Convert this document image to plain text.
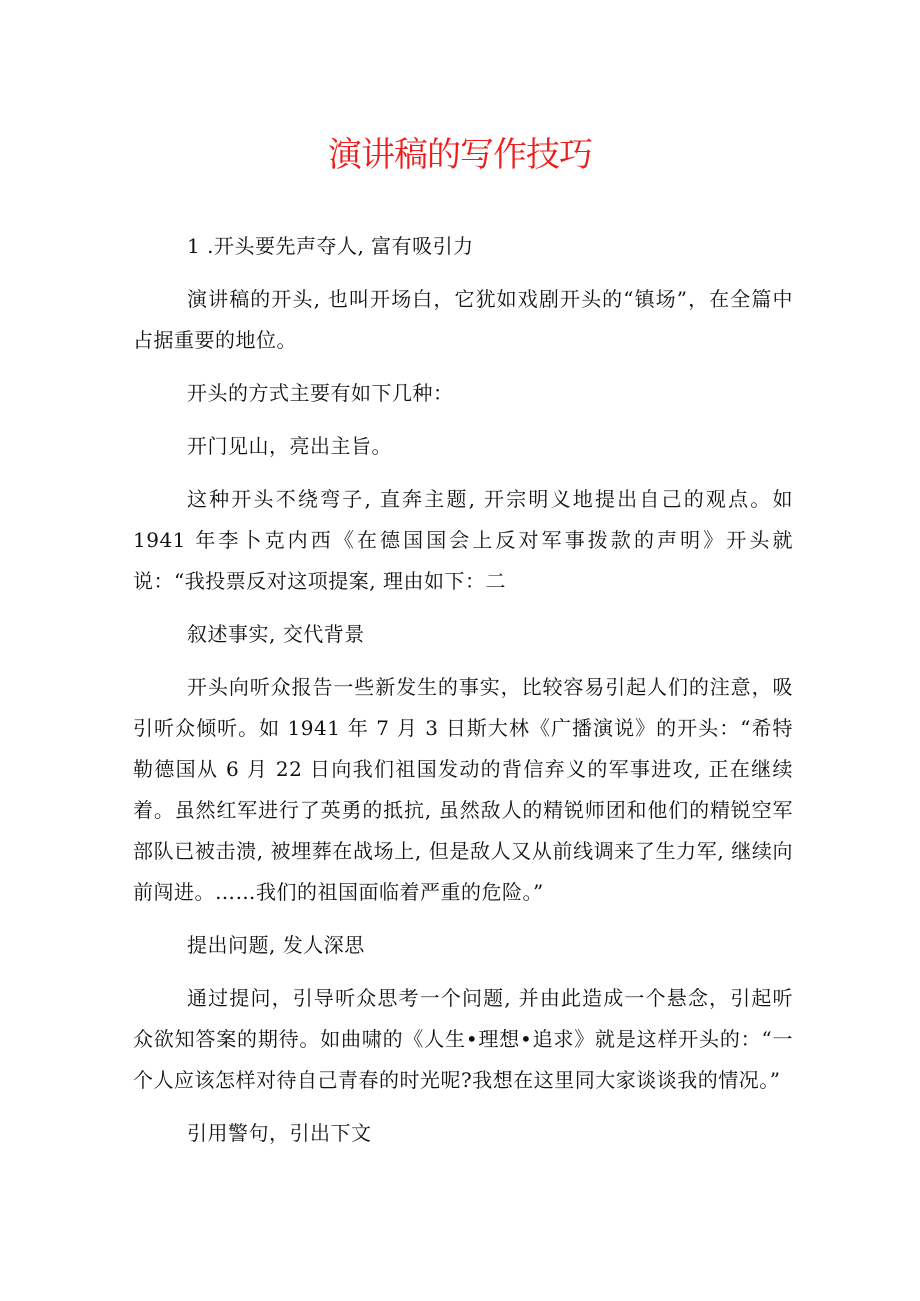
演讲稿的写作技巧

1 .开头要先声夺人, 富有吸引力

演讲稿的开头, 也叫开场白，它犹如戏剧开头的“镇场”，在全篇中占据重要的地位。

开头的方式主要有如下几种：

开门见山，亮出主旨。

这种开头不绕弯子, 直奔主题, 开宗明义地提出自己的观点。如 1941 年李卜克内西《在德国国会上反对军事拨款的声明》开头就说：“我投票反对这项提案, 理由如下：二

叙述事实, 交代背景

开头向听众报告一些新发生的事实，比较容易引起人们的注意，吸引听众倾听。如 1941 年 7 月 3 日斯大林《广播演说》的开头：“希特勒德国从 6 月 22 日向我们祖国发动的背信弃义的军事进攻, 正在继续着。虽然红军进行了英勇的抵抗, 虽然敌人的精锐师团和他们的精锐空军部队已被击溃, 被埋葬在战场上, 但是敌人又从前线调来了生力军, 继续向前闯进。……我们的祖国面临着严重的危险。”

提出问题, 发人深思

通过提问，引导听众思考一个问题, 并由此造成一个悬念，引起听众欲知答案的期待。如曲啸的《人生•理想•追求》就是这样开头的：“一个人应该怎样对待自己青春的时光呢?我想在这里同大家谈谈我的情况。”

引用警句，引出下文
